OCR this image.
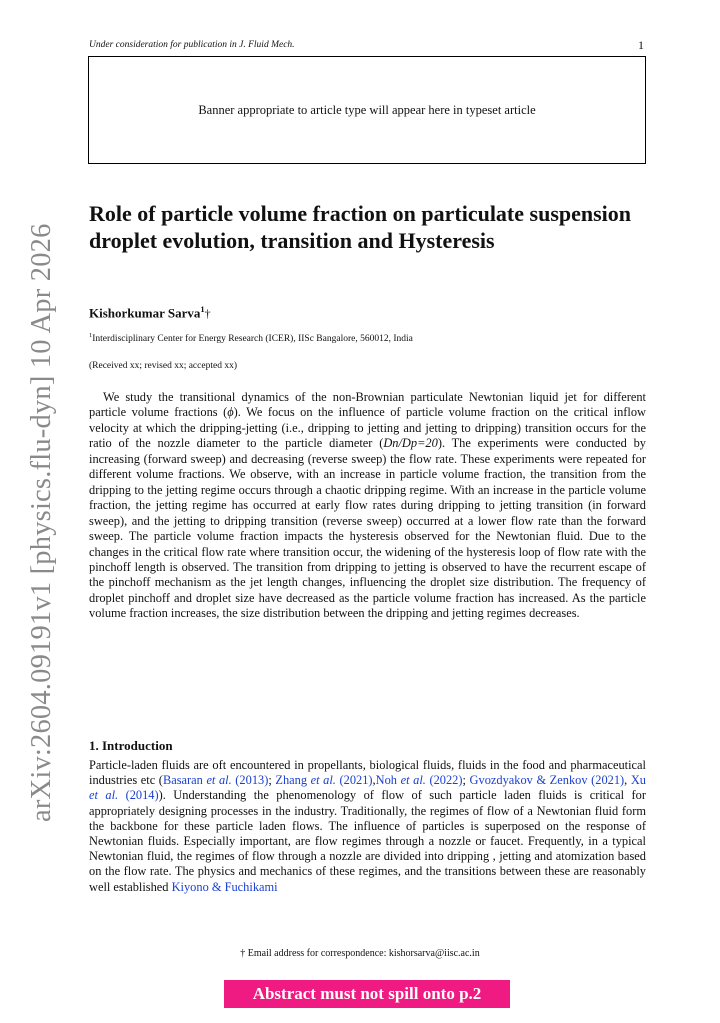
arXiv:2604.09191v1 [physics.flu-dyn] 10 Apr 2026
Under consideration for publication in J. Fluid Mech.	1
Banner appropriate to article type will appear here in typeset article
Role of particle volume fraction on particulate suspension droplet evolution, transition and Hysteresis
Kishorkumar Sarva$^1$†
$^1$Interdisciplinary Center for Energy Research (ICER), IISc Bangalore, 560012, India
(Received xx; revised xx; accepted xx)

We study the transitional dynamics of the non-Brownian particulate Newtonian liquid jet for different particle volume fractions (ϕ). We focus on the influence of particle volume fraction on the critical inflow velocity at which the dripping-jetting (i.e., dripping to jetting and jetting to dripping) transition occurs for the ratio of the nozzle diameter to the particle diameter (Dn/Dp=20). The experiments were conducted by increasing (forward sweep) and decreasing (reverse sweep) the flow rate. These experiments were repeated for different volume fractions. We observe, with an increase in particle volume fraction, the transition from the dripping to the jetting regime occurs through a chaotic dripping regime. With an increase in the particle volume fraction, the jetting regime has occurred at early flow rates during dripping to jetting transition (in forward sweep), and the jetting to dripping transition (reverse sweep) occurred at a lower flow rate than the forward sweep. The particle volume fraction impacts the hysteresis observed for the Newtonian fluid. Due to the changes in the critical flow rate where transition occur, the widening of the hysteresis loop of flow rate with the pinchoff length is observed. The transition from dripping to jetting is observed to have the recurrent escape of the pinchoff mechanism as the jet length changes, influencing the droplet size distribution. The frequency of droplet pinchoff and droplet size have decreased as the particle volume fraction has increased. As the particle volume fraction increases, the size distribution between the dripping and jetting regimes decreases.

1. Introduction

Particle-laden fluids are oft encountered in propellants, biological fluids, fluids in the food and pharmaceutical industries etc (Basaran et al. (2013); Zhang et al. (2021),Noh et al. (2022); Gvozdyakov & Zenkov (2021), Xu et al. (2014)). Understanding the phenomenology of flow of such particle laden fluids is critical for appropriately designing processes in the industry. Traditionally, the regimes of flow of a Newtonian fluid form the backbone for these particle laden flows. The influence of particles is superposed on the response of Newtonian fluids. Especially important, are flow regimes through a nozzle or faucet. Frequently, in a typical Newtonian fluid, the regimes of flow through a nozzle are divided into dripping , jetting and atomization based on the flow rate. The physics and mechanics of these regimes, and the transitions between these are reasonably well established Kiyono & Fuchikami

† Email address for correspondence: kishorsarva@iisc.ac.in
Abstract must not spill onto p.2
